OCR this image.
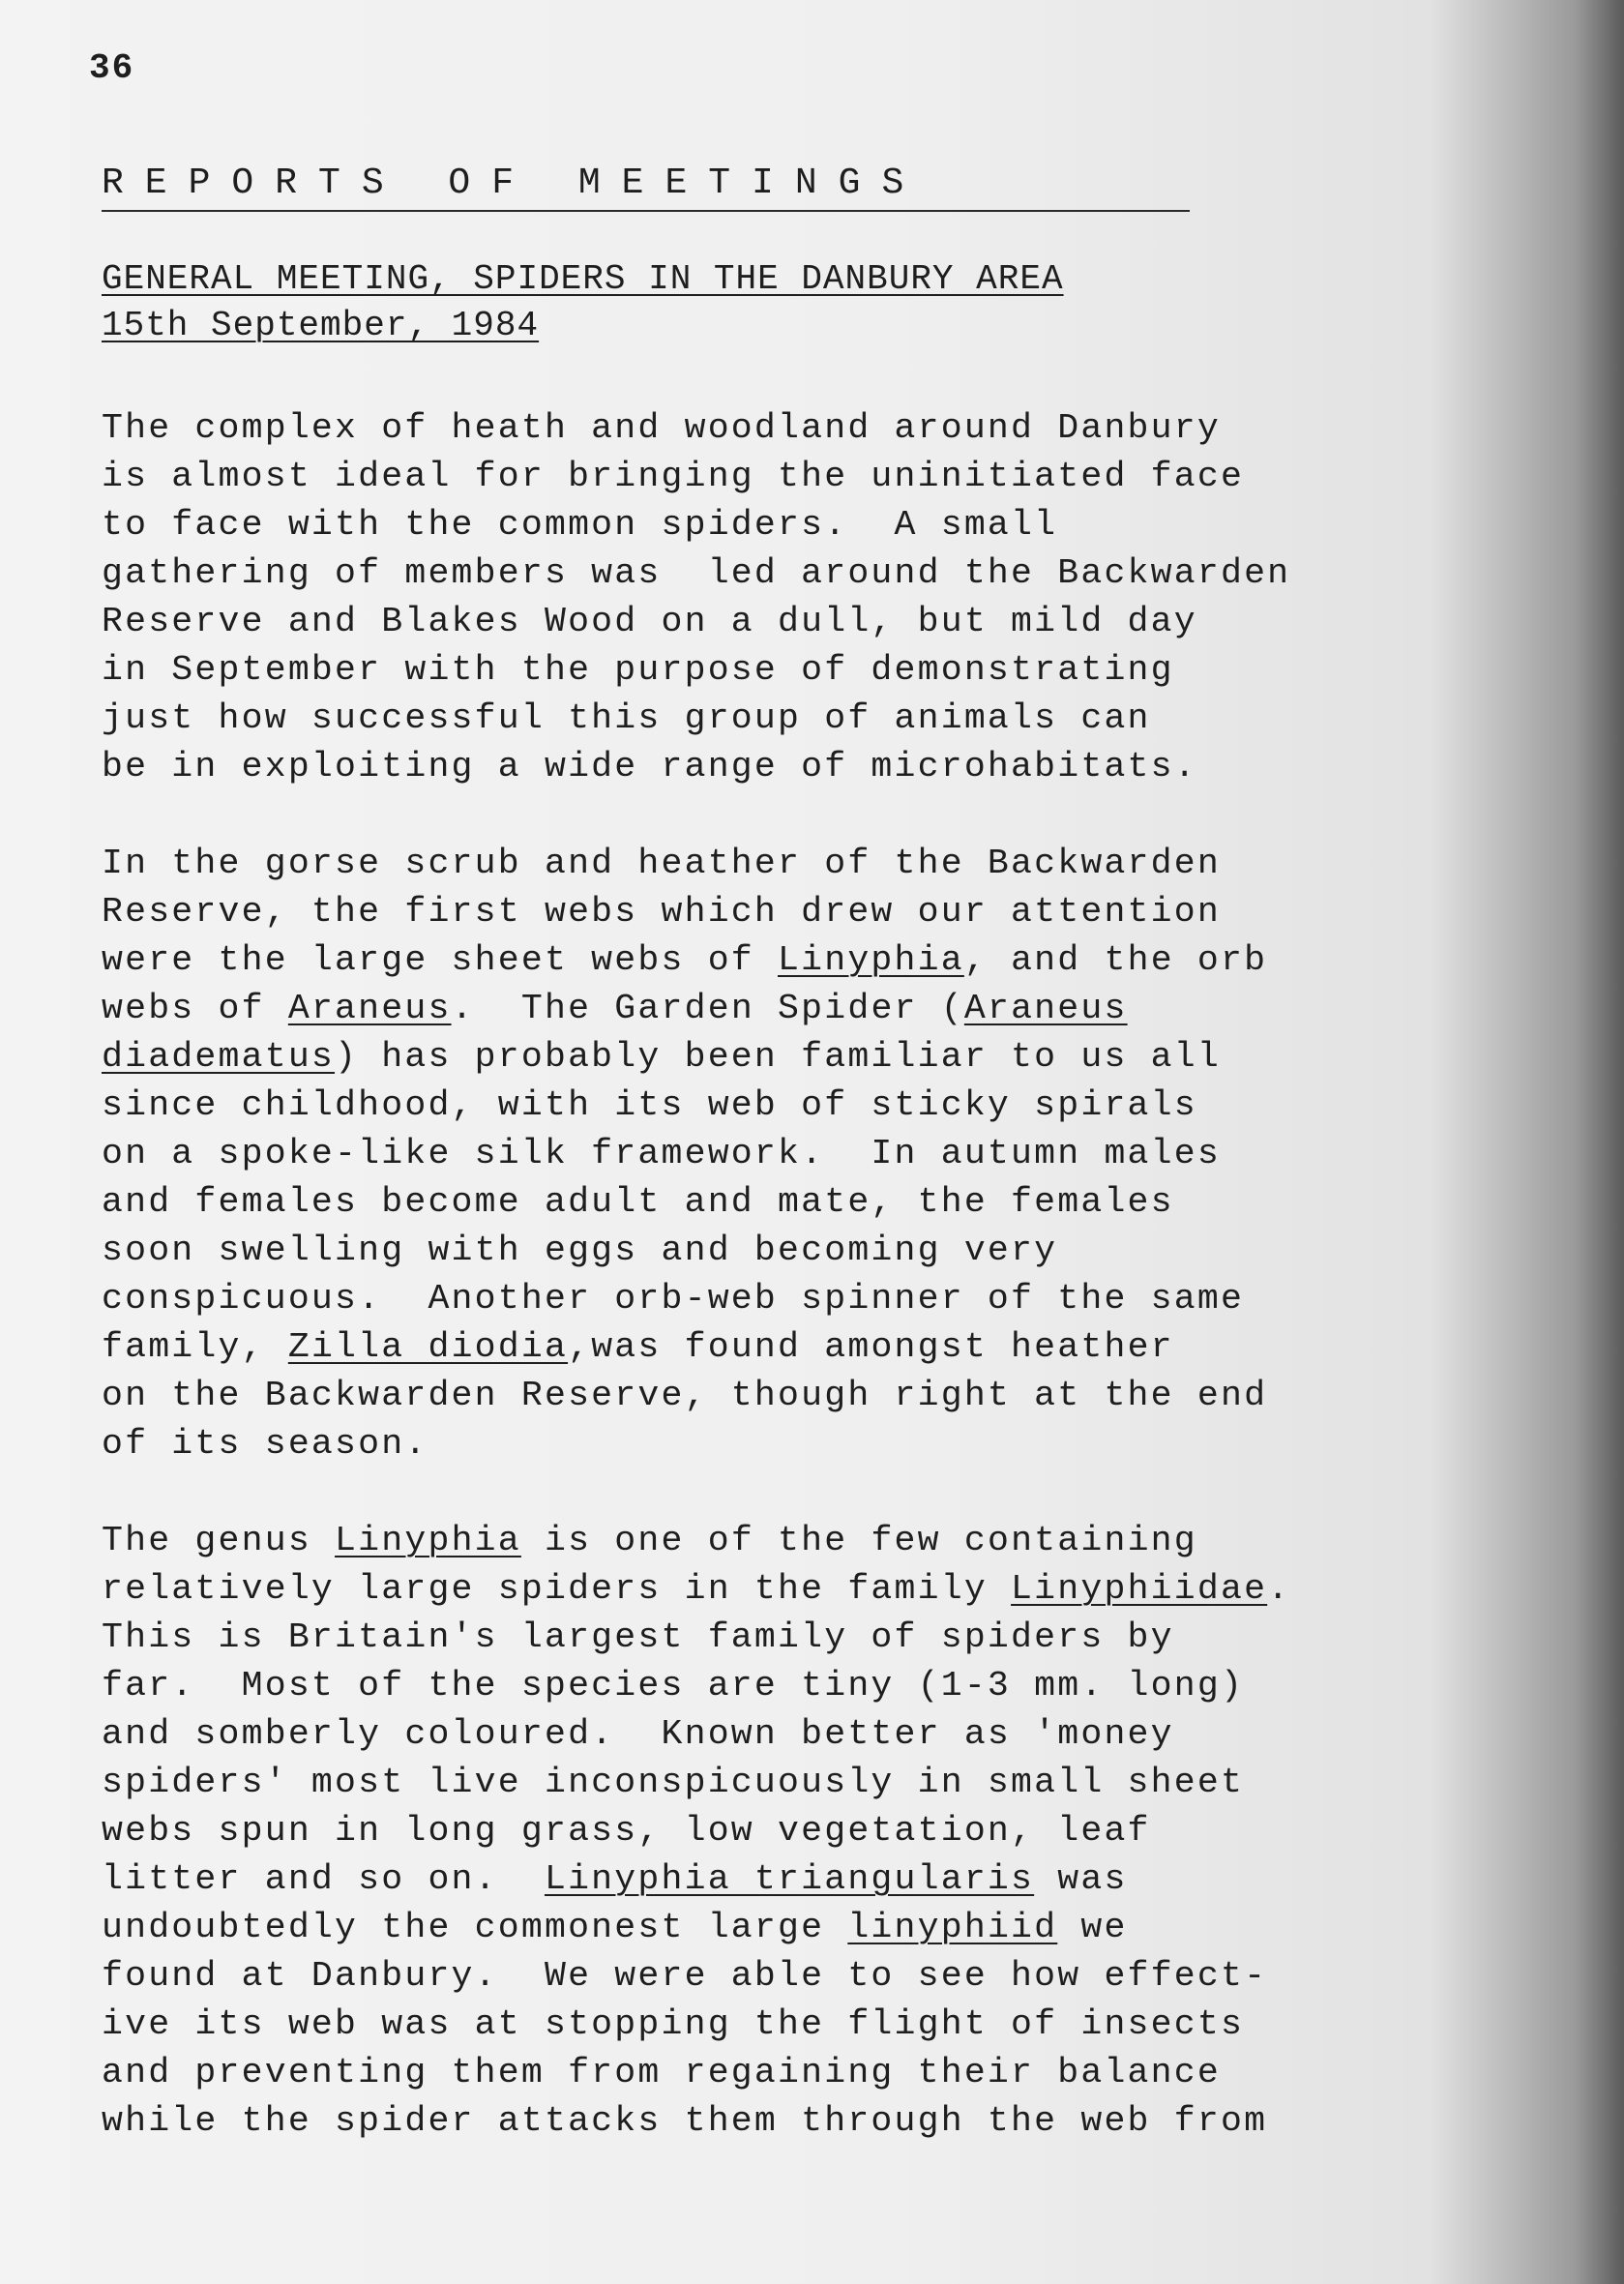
36

REPORTS OF MEETINGS
GENERAL MEETING, SPIDERS IN THE DANBURY AREA
15th September, 1984
The complex of heath and woodland around Danbury
is almost ideal for bringing the uninitiated face
to face with the common spiders.  A small
gathering of members was  led around the Backwarden
Reserve and Blakes Wood on a dull, but mild day
in September with the purpose of demonstrating
just how successful this group of animals can
be in exploiting a wide range of microhabitats.
In the gorse scrub and heather of the Backwarden
Reserve, the first webs which drew our attention
were the large sheet webs of Linyphia, and the orb
webs of Araneus.  The Garden Spider (Araneus
diadematus) has probably been familiar to us all
since childhood, with its web of sticky spirals
on a spoke-like silk framework.  In autumn males
and females become adult and mate, the females
soon swelling with eggs and becoming very
conspicuous.  Another orb-web spinner of the same
family, Zilla diodia,was found amongst heather
on the Backwarden Reserve, though right at the end
of its season.
The genus Linyphia is one of the few containing
relatively large spiders in the family Linyphiidae.
This is Britain's largest family of spiders by
far.  Most of the species are tiny (1-3 mm. long)
and somberly coloured.  Known better as 'money
spiders' most live inconspicuously in small sheet
webs spun in long grass, low vegetation, leaf
litter and so on.  Linyphia triangularis was
undoubtedly the commonest large linyphiid we
found at Danbury.  We were able to see how effect-
ive its web was at stopping the flight of insects
and preventing them from regaining their balance
while the spider attacks them through the web from
